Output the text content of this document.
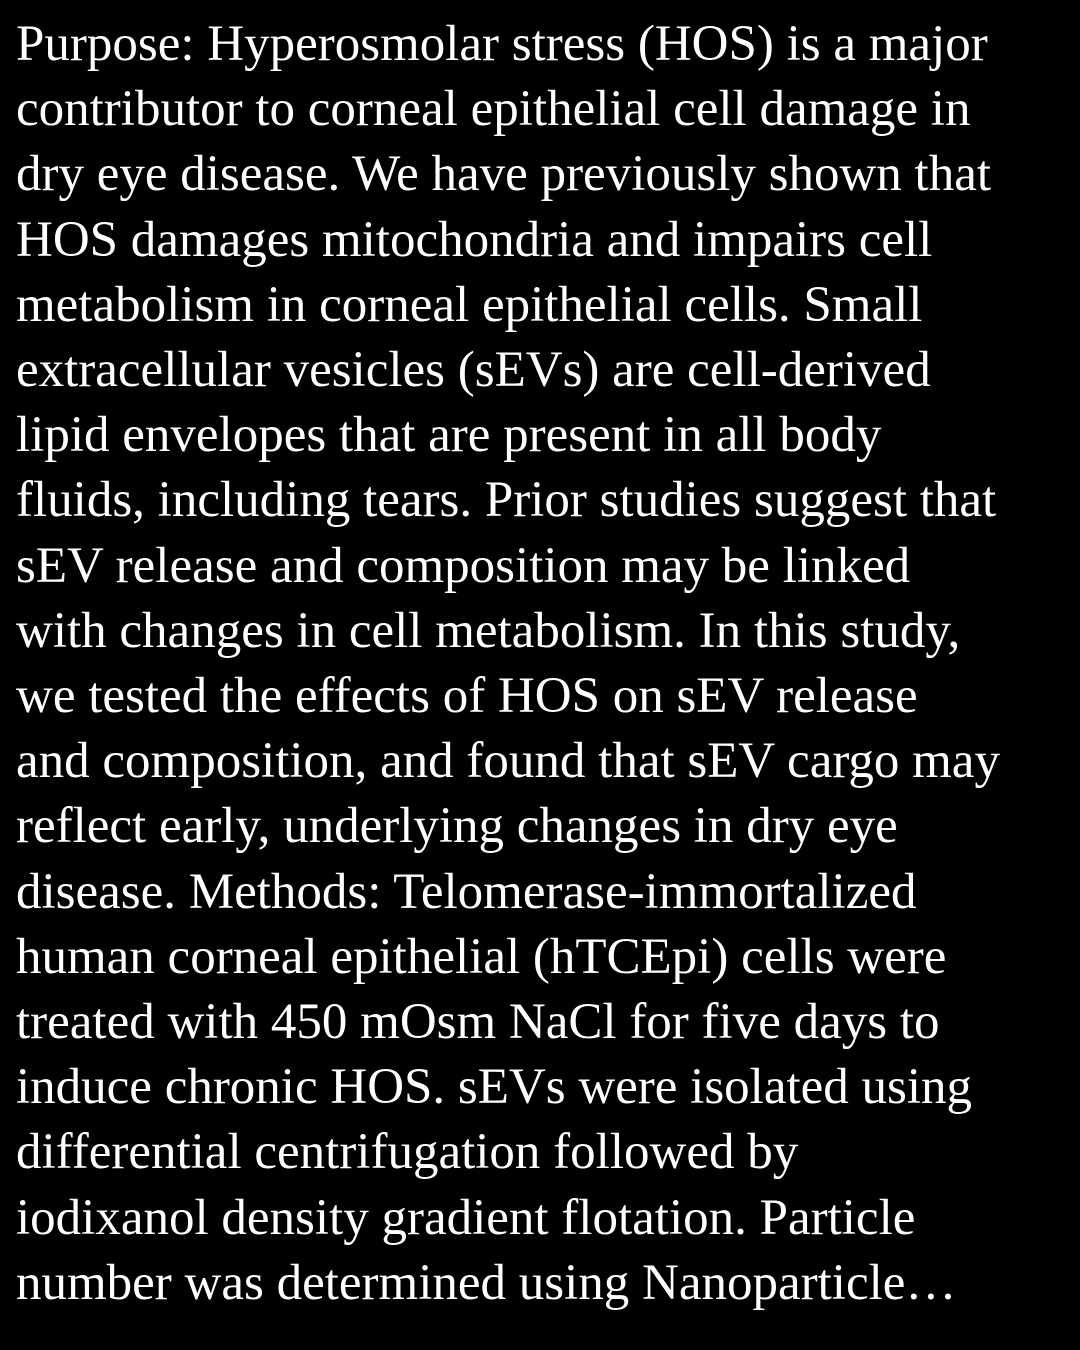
Purpose: Hyperosmolar stress (HOS) is a major
contributor to corneal epithelial cell damage in
dry eye disease. We have previously shown that
HOS damages mitochondria and impairs cell
metabolism in corneal epithelial cells. Small
extracellular vesicles (sEVs) are cell-derived
lipid envelopes that are present in all body
fluids, including tears. Prior studies suggest that
sEV release and composition may be linked
with changes in cell metabolism. In this study,
we tested the effects of HOS on sEV release
and composition, and found that sEV cargo may
reflect early, underlying changes in dry eye
disease. Methods: Telomerase-immortalized
human corneal epithelial (hTCEpi) cells were
treated with 450 mOsm NaCl for five days to
induce chronic HOS. sEVs were isolated using
differential centrifugation followed by
iodixanol density gradient flotation. Particle
number was determined using Nanoparticle…
